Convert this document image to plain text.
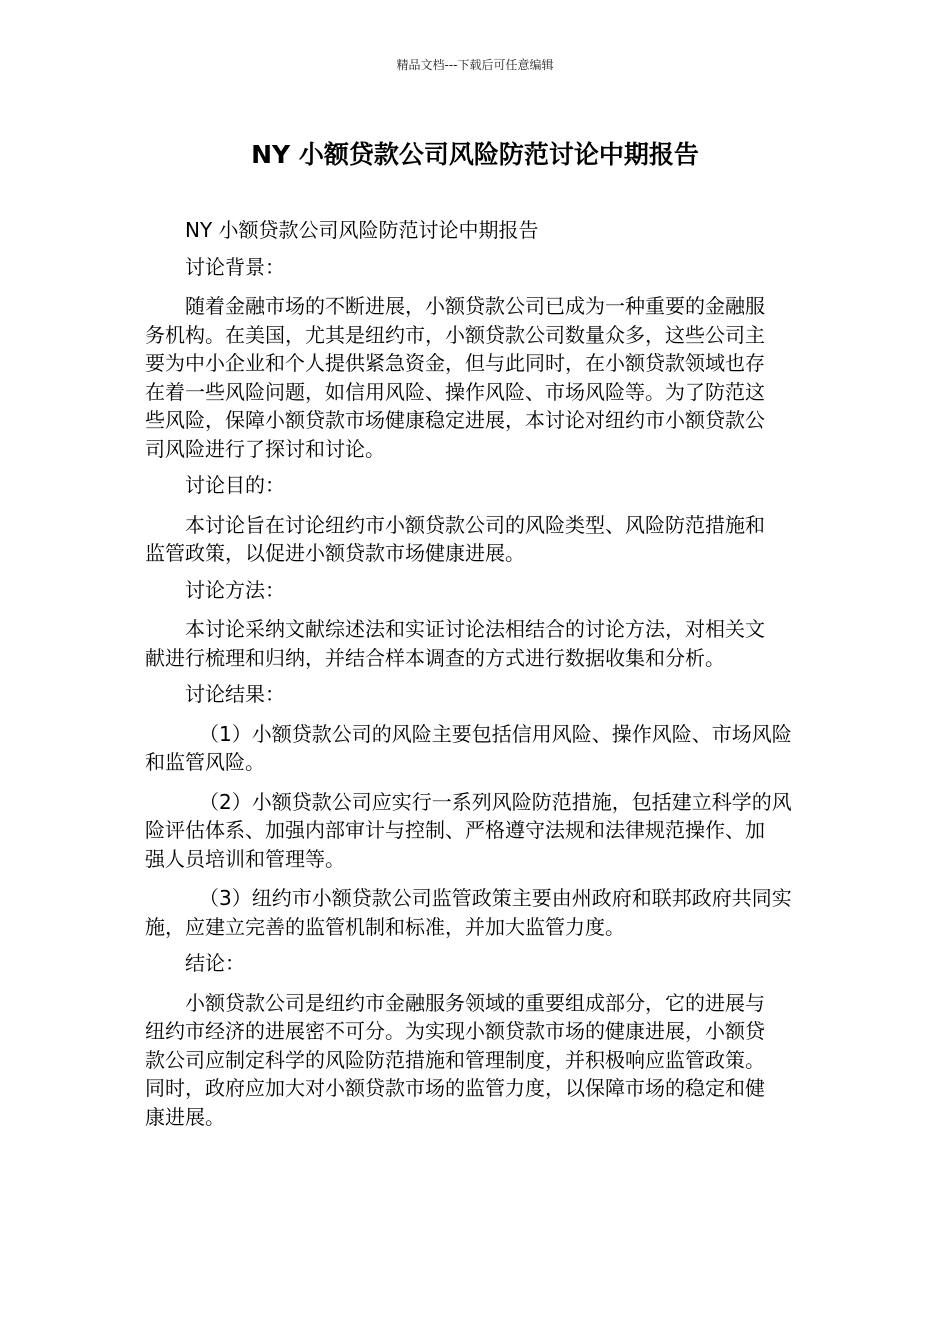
精品文档---下载后可任意编辑
NY 小额贷款公司风险防范讨论中期报告

NY 小额贷款公司风险防范讨论中期报告

讨论背景：

随着金融市场的不断进展，小额贷款公司已成为一种重要的金融服
务机构。在美国，尤其是纽约市，小额贷款公司数量众多，这些公司主
要为中小企业和个人提供紧急资金，但与此同时，在小额贷款领域也存
在着一些风险问题，如信用风险、操作风险、市场风险等。为了防范这
些风险，保障小额贷款市场健康稳定进展，本讨论对纽约市小额贷款公
司风险进行了探讨和讨论。

讨论目的：

本讨论旨在讨论纽约市小额贷款公司的风险类型、风险防范措施和
监管政策，以促进小额贷款市场健康进展。

讨论方法：

本讨论采纳文献综述法和实证讨论法相结合的讨论方法，对相关文
献进行梳理和归纳，并结合样本调查的方式进行数据收集和分析。

讨论结果：

（1）小额贷款公司的风险主要包括信用风险、操作风险、市场风险
和监管风险。

（2）小额贷款公司应实行一系列风险防范措施，包括建立科学的风
险评估体系、加强内部审计与控制、严格遵守法规和法律规范操作、加
强人员培训和管理等。

（3）纽约市小额贷款公司监管政策主要由州政府和联邦政府共同实
施，应建立完善的监管机制和标准，并加大监管力度。

结论：

小额贷款公司是纽约市金融服务领域的重要组成部分，它的进展与
纽约市经济的进展密不可分。为实现小额贷款市场的健康进展，小额贷
款公司应制定科学的风险防范措施和管理制度，并积极响应监管政策。
同时，政府应加大对小额贷款市场的监管力度，以保障市场的稳定和健
康进展。
